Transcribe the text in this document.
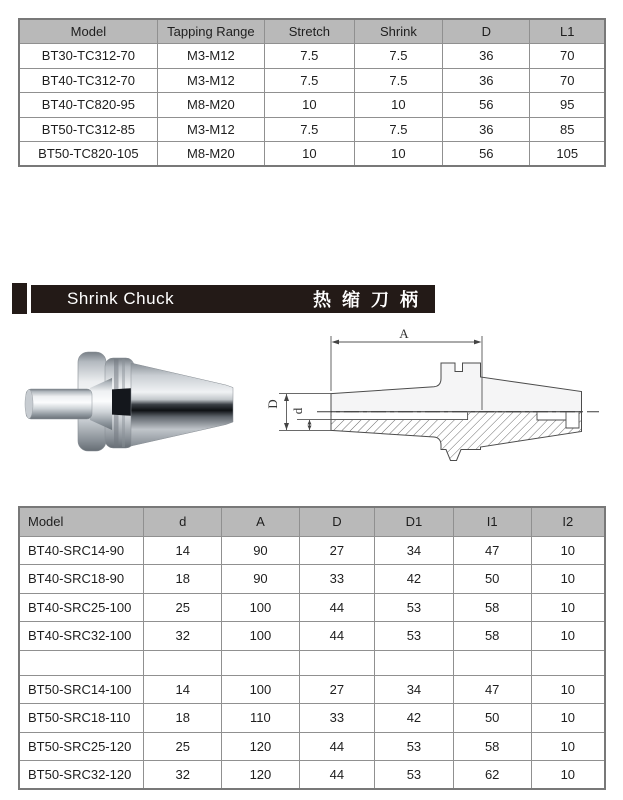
Model	Tapping Range	Stretch	Shrink	D	L1
BT30-TC312-70	M3-M12	7.5	7.5	36	70
BT40-TC312-70	M3-M12	7.5	7.5	36	70
BT40-TC820-95	M8-M20	10	10	56	95
BT50-TC312-85	M3-M12	7.5	7.5	36	85
BT50-TC820-105	M8-M20	10	10	56	105
Shrink Chuck	热缩刀柄
A
D
d
Model	d	A	D	D1	I1	I2
BT40-SRC14-90	14	90	27	34	47	10
BT40-SRC18-90	18	90	33	42	50	10
BT40-SRC25-100	25	100	44	53	58	10
BT40-SRC32-100	32	100	44	53	58	10

BT50-SRC14-100	14	100	27	34	47	10
BT50-SRC18-110	18	110	33	42	50	10
BT50-SRC25-120	25	120	44	53	58	10
BT50-SRC32-120	32	120	44	53	62	10
